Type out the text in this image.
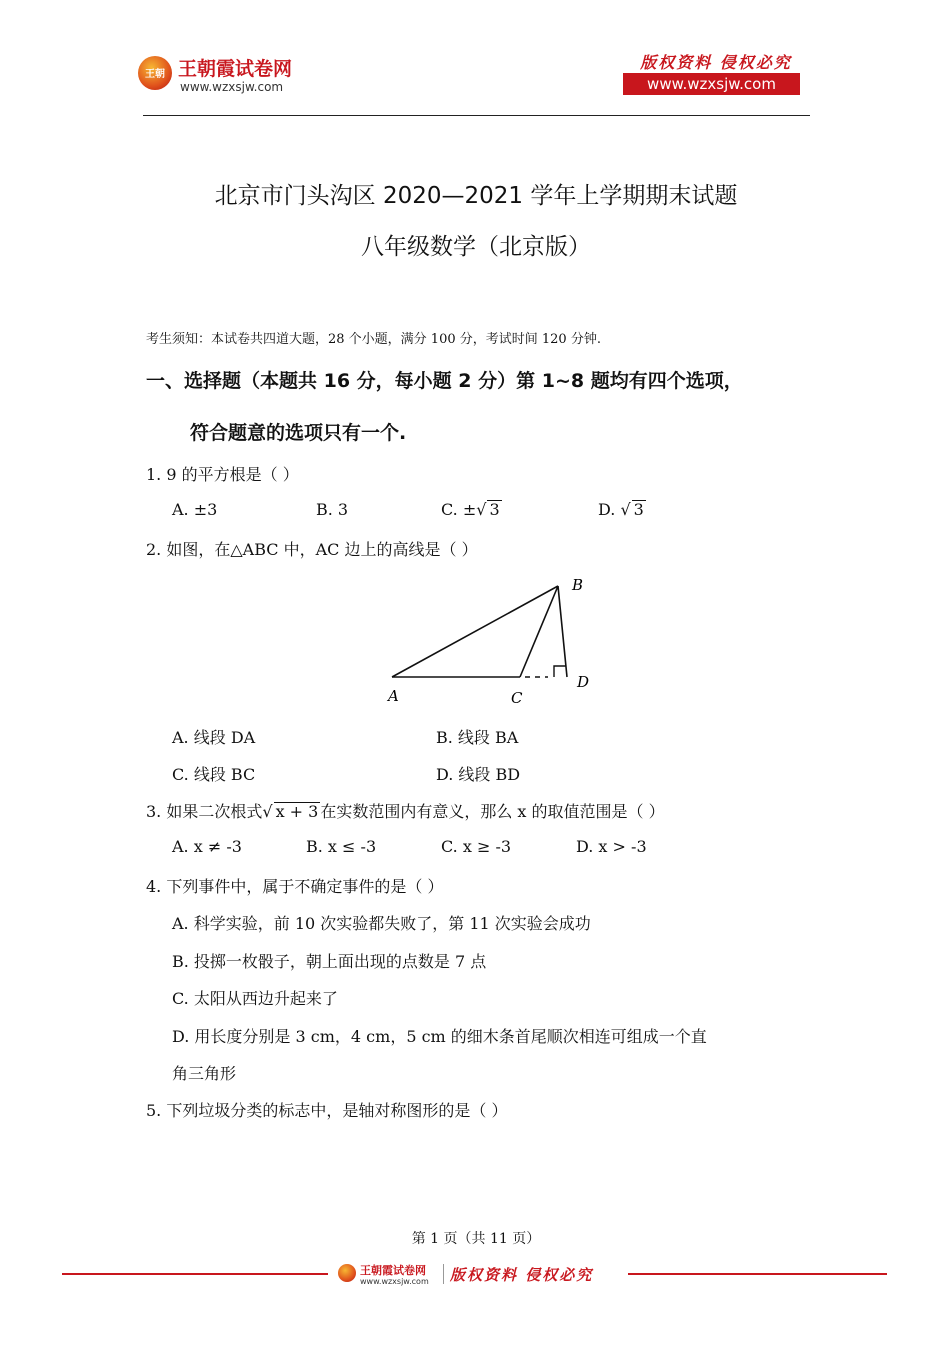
王朝 王朝霞试卷网
www.wzxsjw.com
版权资料 侵权必究
www.wzxsjw.com
北京市门头沟区 2020—2021 学年上学期期末试题
八年级数学（北京版）
考生须知：本试卷共四道大题，28 个小题，满分 100 分，考试时间 120 分钟.
一、选择题（本题共 16 分，每小题 2 分）第 1~8 题均有四个选项，
符合题意的选项只有一个.
1. 9 的平方根是（ ）
A. ±3	B. 3	C. ±√ 3	D. √ 3
2. 如图，在△ABC 中，AC 边上的高线是（ ）
A	C
B
D
A. 线段 DA	B. 线段 BA
C. 线段 BC	D. 线段 BD
3. 如果二次根式√ x + 3 在实数范围内有意义，那么 x 的取值范围是（ ）
A. x ≠ -3	B. x ≤ -3	C. x ≥ -3	D. x > -3
4. 下列事件中，属于不确定事件的是（ ）
A. 科学实验，前 10 次实验都失败了，第 11 次实验会成功
B. 投掷一枚骰子，朝上面出现的点数是 7 点
C. 太阳从西边升起来了
D. 用长度分别是 3 cm，4 cm，5 cm 的细木条首尾顺次相连可组成一个直
角三角形
5. 下列垃圾分类的标志中，是轴对称图形的是（ ）
第 1 页（共 11 页）
王朝霞试卷网
www.wzxsjw.com 版权资料 侵权必究
